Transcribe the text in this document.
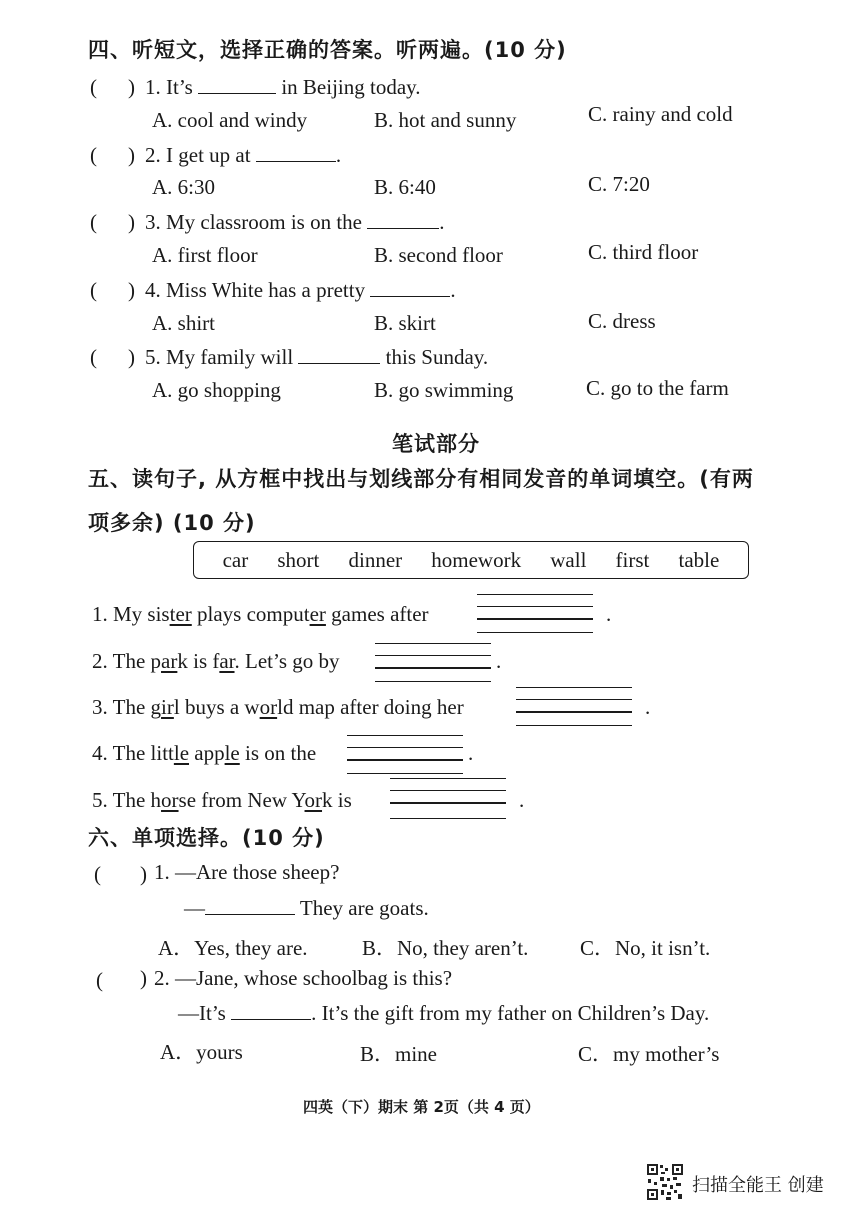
四、听短文，选择正确的答案。听两遍。(10 分)
( ) 1. It’s	in Beijing today.
A. cool and windy	B. hot and sunny	C. rainy and cold
( ) 2. I get up at	.
A. 6:30	B. 6:40	C. 7:20
( ) 3. My classroom is on the	.
A. first floor	B. second floor	C. third floor
( ) 4. Miss White has a pretty	.
A. shirt	B. skirt	C. dress
( ) 5. My family will	this Sunday.
A. go shopping	B. go swimming	C. go to the farm
笔试部分
五、读句子, 从方框中找出与划线部分有相同发音的单词填空。(有两
项多余) (10 分)
car short dinner homework wall first table
1. My sister plays computer games after	.
2. The park is far. Let’s go by	.
3. The girl buys a world map after doing her	.
4. The little apple is on the	.
5. The horse from New York is	.
六、单项选择。(10 分)
( ) 1. —Are those sheep?
—	They are goats.
A．Yes, they are.	B．No, they aren’t. C．No, it isn’t.
( ) 2. —Jane, whose schoolbag is this?
—It’s	. It’s the gift from my father on Children’s Day.
A．yours	B．mine	C．my mother’s
四英（下）期末 第 2页（共 4 页）
扫描全能王 创建
